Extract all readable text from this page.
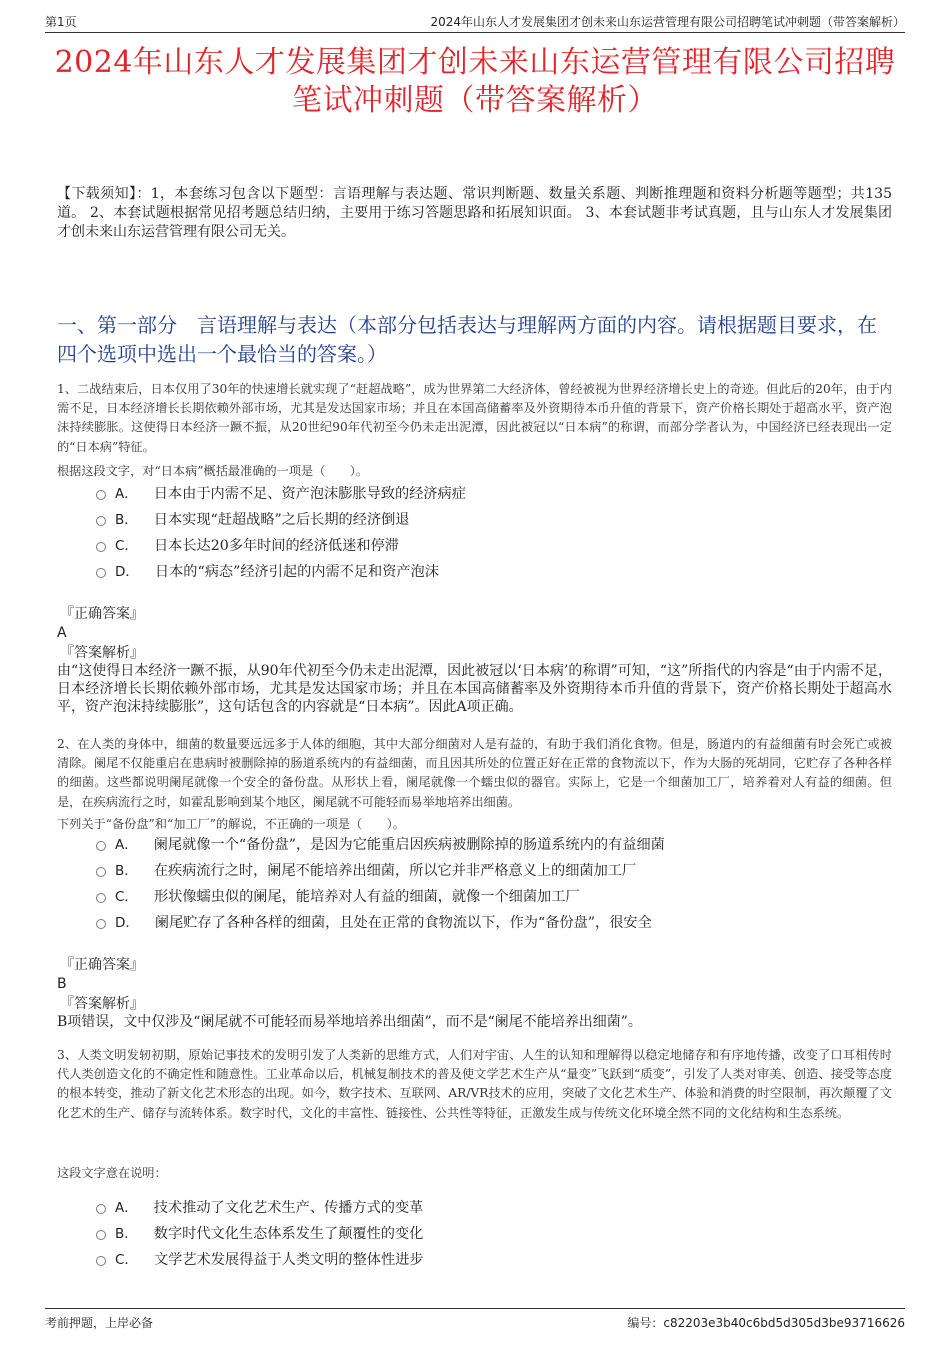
第1页	2024年山东人才发展集团才创未来山东运营管理有限公司招聘笔试冲刺题（带答案解析）
2024年山东人才发展集团才创未来山东运营管理有限公司招聘笔试冲刺题（带答案解析）
【下载须知】：1，本套练习包含以下题型：言语理解与表达题、常识判断题、数量关系题、判断推理题和资料分析题等题型；共135道。 2、本套试题根据常见招考题总结归纳，主要用于练习答题思路和拓展知识面。 3、本套试题非考试真题，且与山东人才发展集团才创未来山东运营管理有限公司无关。
一、第一部分 言语理解与表达（本部分包括表达与理解两方面的内容。请根据题目要求，在四个选项中选出一个最恰当的答案。）
1、二战结束后，日本仅用了30年的快速增长就实现了“赶超战略”，成为世界第二大经济体，曾经被视为世界经济增长史上的奇迹。但此后的20年，由于内需不足，日本经济增长长期依赖外部市场，尤其是发达国家市场；并且在本国高储蓄率及外资期待本币升值的背景下，资产价格长期处于超高水平，资产泡沫持续膨胀。这使得日本经济一蹶不振，从20世纪90年代初至今仍未走出泥潭，因此被冠以“日本病”的称谓，而部分学者认为，中国经济已经表现出一定的“日本病”特征。
根据这段文字，对“日本病”概括最准确的一项是（　　）。
A． 日本由于内需不足、资产泡沫膨胀导致的经济病症
B． 日本实现“赶超战略”之后长期的经济倒退
C． 日本长达20多年时间的经济低迷和停滞
D． 日本的“病态”经济引起的内需不足和资产泡沫
『正确答案』
A
『答案解析』
由“这使得日本经济一蹶不振，从90年代初至今仍未走出泥潭，因此被冠以‘日本病’的称谓”可知，“这”所指代的内容是“由于内需不足，日本经济增长长期依赖外部市场，尤其是发达国家市场；并且在本国高储蓄率及外资期待本币升值的背景下，资产价格长期处于超高水平，资产泡沫持续膨胀”，这句话包含的内容就是“日本病”。因此A项正确。
2、在人类的身体中，细菌的数量要远远多于人体的细胞，其中大部分细菌对人是有益的，有助于我们消化食物。但是，肠道内的有益细菌有时会死亡或被清除。阑尾不仅能重启在患病时被删除掉的肠道系统内的有益细菌，而且因其所处的位置正好在正常的食物流以下，作为大肠的死胡同，它贮存了各种各样的细菌。这些都说明阑尾就像一个安全的备份盘。从形状上看，阑尾就像一个蠕虫似的器官。实际上，它是一个细菌加工厂，培养着对人有益的细菌。但是，在疾病流行之时，如霍乱影响到某个地区，阑尾就不可能轻而易举地培养出细菌。
下列关于“备份盘”和“加工厂”的解说，不正确的一项是（　　）。
A． 阑尾就像一个“备份盘”，是因为它能重启因疾病被删除掉的肠道系统内的有益细菌
B． 在疾病流行之时，阑尾不能培养出细菌，所以它并非严格意义上的细菌加工厂
C． 形状像蠕虫似的阑尾，能培养对人有益的细菌，就像一个细菌加工厂
D． 阑尾贮存了各种各样的细菌，且处在正常的食物流以下，作为“备份盘”，很安全
『正确答案』
B
『答案解析』
B项错误，文中仅涉及“阑尾就不可能轻而易举地培养出细菌”，而不是“阑尾不能培养出细菌”。
3、人类文明发轫初期，原始记事技术的发明引发了人类新的思维方式，人们对宇宙、人生的认知和理解得以稳定地储存和有序地传播，改变了口耳相传时代人类创造文化的不确定性和随意性。工业革命以后，机械复制技术的普及使文学艺术生产从“量变”飞跃到“质变”，引发了人类对审美、创造、接受等态度的根本转变，推动了新文化艺术形态的出现。如今，数字技术、互联网、AR/VR技术的应用，突破了文化艺术生产、体验和消费的时空限制，再次颠覆了文化艺术的生产、储存与流转体系。数字时代，文化的丰富性、链接性、公共性等特征，正激发生成与传统文化环境全然不同的文化结构和生态系统。
这段文字意在说明：
A． 技术推动了文化艺术生产、传播方式的变革
B． 数字时代文化生态体系发生了颠覆性的变化
C． 文学艺术发展得益于人类文明的整体性进步
考前押题，上岸必备	编号：c82203e3b40c6bd5d305d3be93716626
